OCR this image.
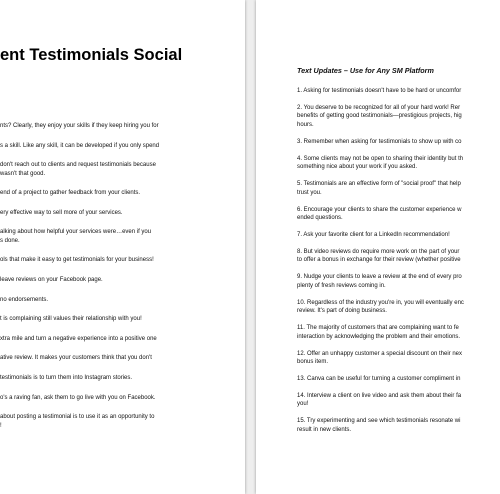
ent Testimonials Social
nts? Clearly, they enjoy your skills if they keep hiring you for
s a skill. Like any skill, it can be developed if you only spend
don't reach out to clients and request testimonials because
wasn't that good.
end of a project to gather feedback from your clients.
ery effective way to sell more of your services.
alking about how helpful your services were…even if you
s done.
ols that make it easy to get testimonials for your business!
leave reviews on your Facebook page.
no endorsements.
t is complaining still values their relationship with you!
xtra mile and turn a negative experience into a positive one
ative review. It makes your customers think that you don't
testimonials is to turn them into Instagram stories.
o's a raving fan, ask them to go live with you on Facebook.
about posting a testimonial is to use it as an opportunity to
!
Text Updates – Use for Any SM Platform
1. Asking for testimonials doesn't have to be hard or uncomfor
2. You deserve to be recognized for all of your hard work! Rer
benefits of getting good testimonials—prestigious projects, hig
hours.
3. Remember when asking for testimonials to show up with co
4. Some clients may not be open to sharing their identity but th
something nice about your work if you asked.
5. Testimonials are an effective form of "social proof" that help
trust you.
6. Encourage your clients to share the customer experience w
ended questions.
7. Ask your favorite client for a LinkedIn recommendation!
8. But video reviews do require more work on the part of your
to offer a bonus in exchange for their review (whether positive
9. Nudge your clients to leave a review at the end of every pro
plenty of fresh reviews coming in.
10. Regardless of the industry you're in, you will eventually enc
review. It's part of doing business.
11. The majority of customers that are complaining want to fe
interaction by acknowledging the problem and their emotions.
12. Offer an unhappy customer a special discount on their nex
bonus item.
13. Canva can be useful for turning a customer compliment in
14. Interview a client on live video and ask them about their fa
you!
15. Try experimenting and see which testimonials resonate wi
result in new clients.
